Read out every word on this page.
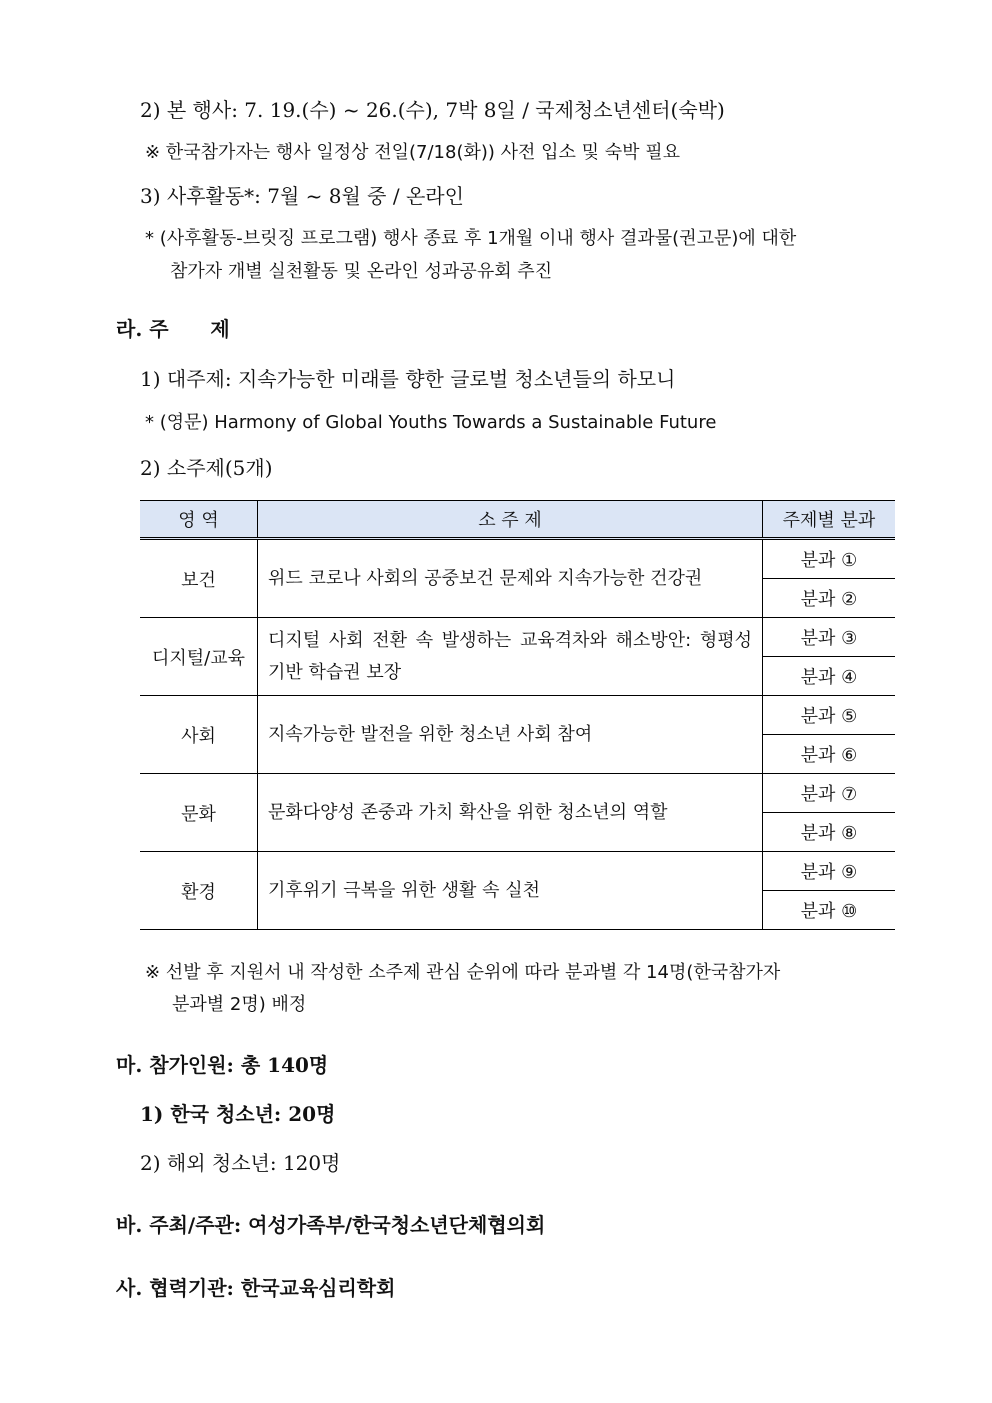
2) 본 행사: 7. 19.(수) ~ 26.(수), 7박 8일 / 국제청소년센터(숙박)
※ 한국참가자는 행사 일정상 전일(7/18(화)) 사전 입소 및 숙박 필요
3) 사후활동*: 7월 ~ 8월 중 / 온라인
* (사후활동-브릿징 프로그램) 행사 종료 후 1개월 이내 행사 결과물(권고문)에 대한
참가자 개별 실천활동 및 온라인 성과공유회 추진
라. 주      제
1) 대주제: 지속가능한 미래를 향한 글로벌 청소년들의 하모니
* (영문) Harmony of Global Youths Towards a Sustainable Future
2) 소주제(5개)
영 역	소 주 제	주제별 분과
보건	위드 코로나 사회의 공중보건 문제와 지속가능한 건강권	분과 ①
		분과 ②
디지털/교육	디지털 사회 전환 속 발생하는 교육격차와 해소방안: 형평성 기반 학습권 보장	분과 ③
		분과 ④
사회	지속가능한 발전을 위한 청소년 사회 참여	분과 ⑤
		분과 ⑥
문화	문화다양성 존중과 가치 확산을 위한 청소년의 역할	분과 ⑦
		분과 ⑧
환경	기후위기 극복을 위한 생활 속 실천	분과 ⑨
		분과 ⑩
※ 선발 후 지원서 내 작성한 소주제 관심 순위에 따라 분과별 각 14명(한국참가자
분과별 2명) 배정
마. 참가인원: 총 140명
1) 한국 청소년: 20명
2) 해외 청소년: 120명
바. 주최/주관: 여성가족부/한국청소년단체협의회
사. 협력기관: 한국교육심리학회
